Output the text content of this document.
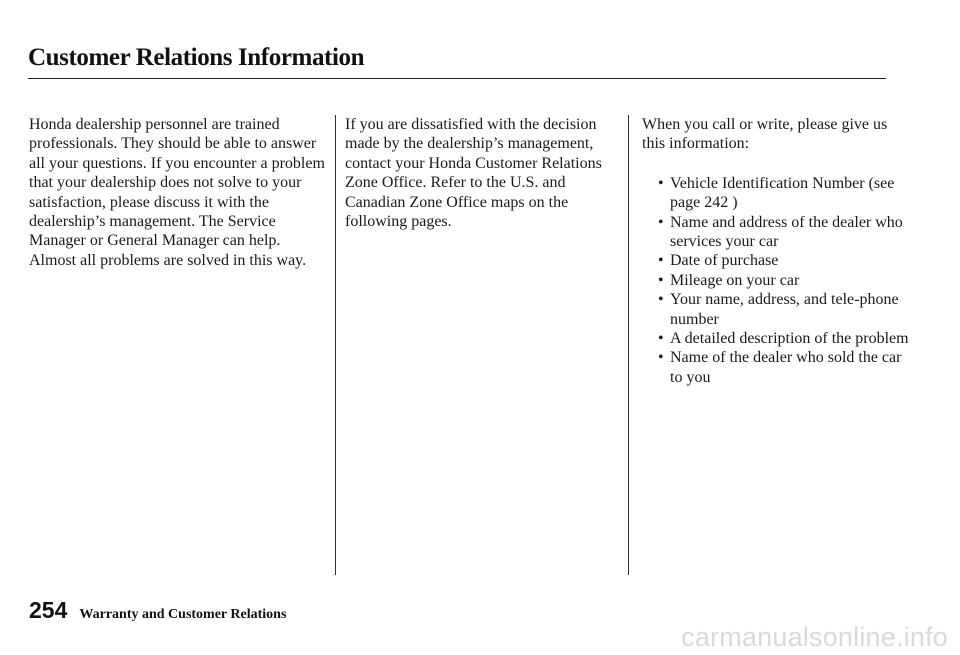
Customer Relations Information

Honda dealership personnel are trained professionals. They should be able to answer all your questions. If you encounter a problem that your dealership does not solve to your satisfaction, please discuss it with the dealership’s management. The Service Manager or General Manager can help. Almost all problems are solved in this way.

If you are dissatisfied with the decision made by the dealership’s management, contact your Honda Customer Relations Zone Office. Refer to the U.S. and Canadian Zone Office maps on the following pages.

When you call or write, please give us this information:

• Vehicle Identification Number (see page 242 )
• Name and address of the dealer who services your car
• Date of purchase
• Mileage on your car
• Your name, address, and tele-phone number
• A detailed description of the problem
• Name of the dealer who sold the car to you
254 Warranty and Customer Relations
carmanualsonline.info
